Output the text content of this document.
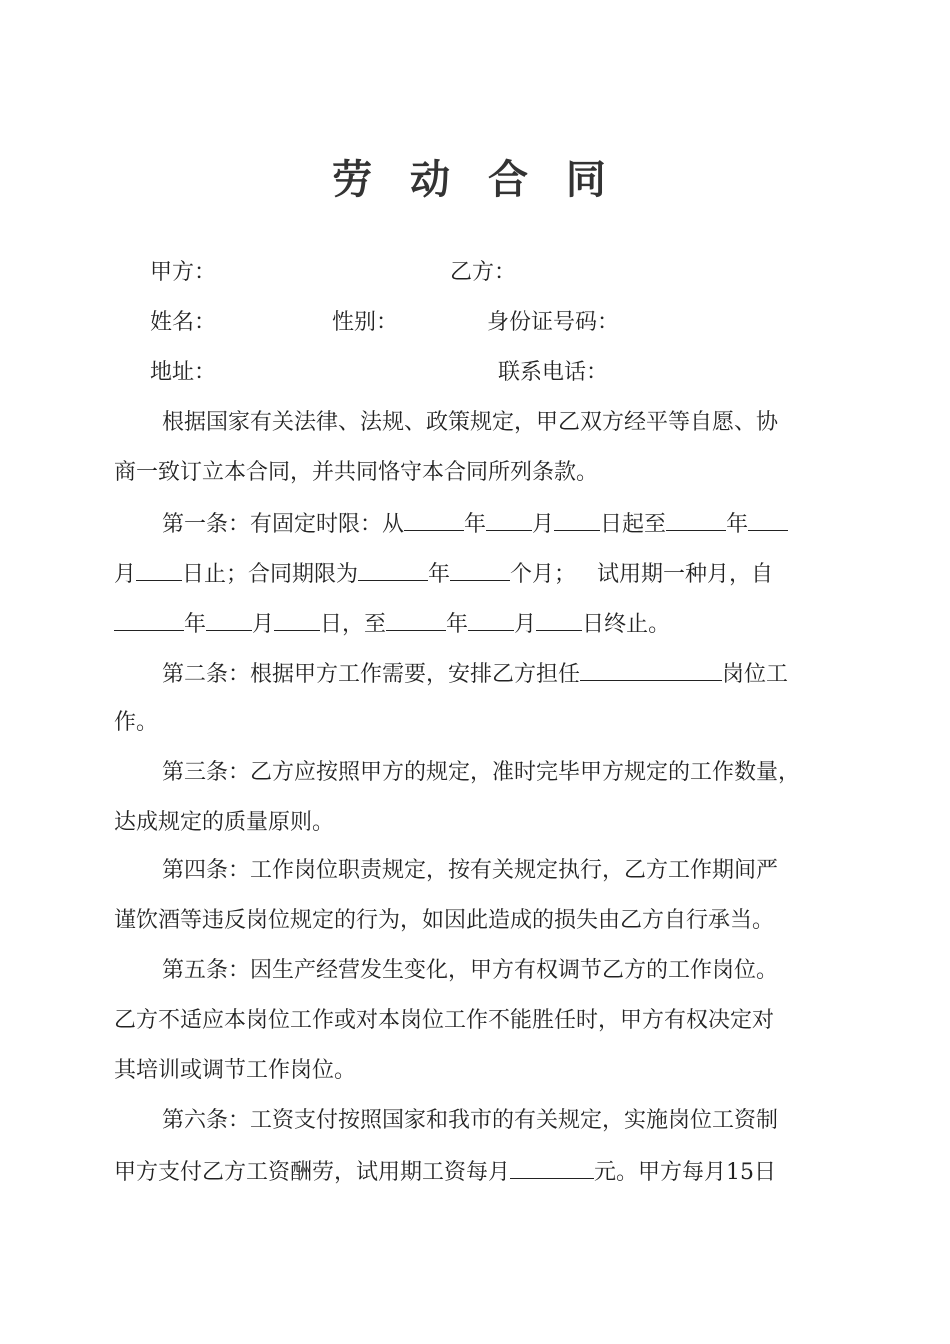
劳 动 合 同
甲方：	乙方：
姓名：	性别：	身份证号码：
地址：	联系电话：
根据国家有关法律、法规、政策规定，甲乙双方经平等自愿、协
商一致订立本合同，并共同恪守本合同所列条款。
第一条：有固定时限：从	年 月 日起至	年
月 日止；合同期限为	年	个月；   试用期一种月，自
年 月 日，至	年 月 日终止。
第二条：根据甲方工作需要，安排乙方担任	岗位工
作。
第三条：乙方应按照甲方的规定，准时完毕甲方规定的工作数量，
达成规定的质量原则。
第四条：工作岗位职责规定，按有关规定执行，乙方工作期间严
谨饮酒等违反岗位规定的行为，如因此造成的损失由乙方自行承当。
第五条：因生产经营发生变化，甲方有权调节乙方的工作岗位。
乙方不适应本岗位工作或对本岗位工作不能胜任时，甲方有权决定对
其培训或调节工作岗位。
第六条：工资支付按照国家和我市的有关规定，实施岗位工资制
甲方支付乙方工资酬劳，试用期工资每月	元。甲方每月15日
